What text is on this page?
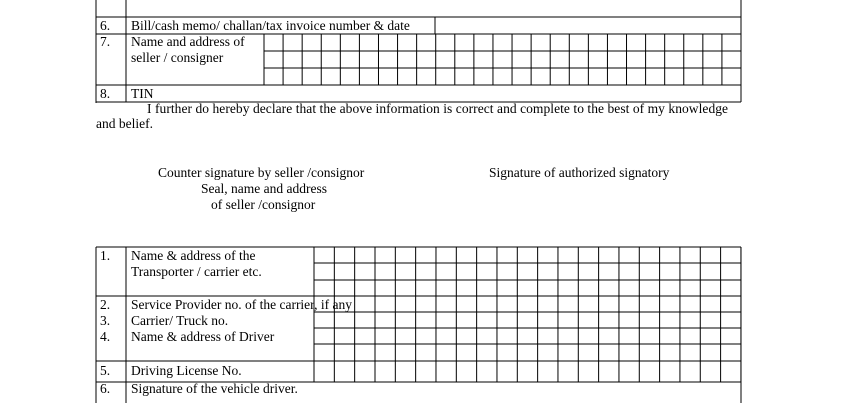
6. Bill/cash memo/ challan/tax invoice number & date
7. Name and address of
seller / consigner
8. TIN
I further do hereby declare that the above information is correct and complete to the best of my knowledge
and belief.
Counter signature by seller /consignor
Seal, name and address
of seller /consignor
Signature of authorized signatory
1. Name & address of the
Transporter / carrier etc.
2. Service Provider no. of the carrier, if any
3. Carrier/ Truck no.
4. Name & address of Driver
5. Driving License No.
6. Signature of the vehicle driver.
